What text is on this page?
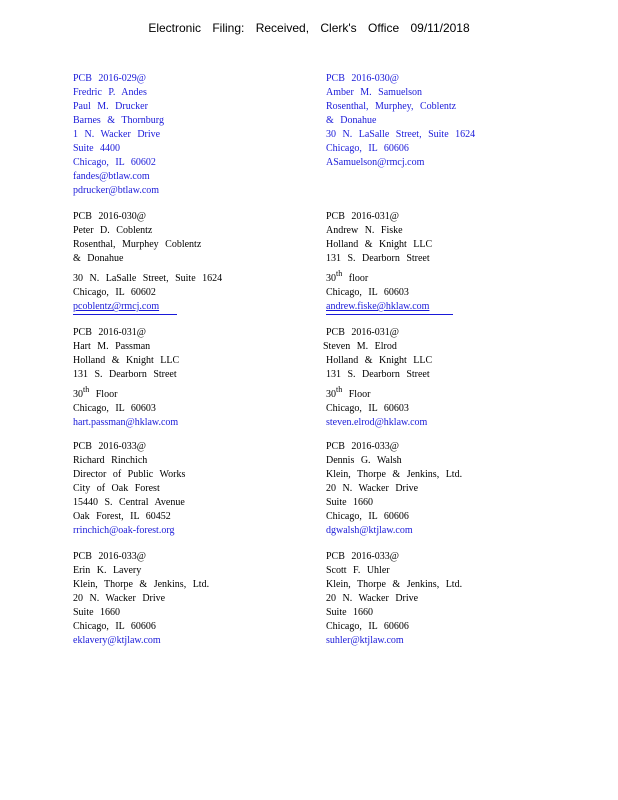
Electronic Filing: Received, Clerk's Office 09/11/2018
PCB 2016-029@
Fredric P. Andes
Paul M. Drucker
Barnes & Thornburg
1 N. Wacker Drive
Suite 4400
Chicago, IL 60602
fandes@btlaw.com
pdrucker@btlaw.com
PCB 2016-030@
Amber M. Samuelson
Rosenthal, Murphey, Coblentz
& Donahue
30 N. LaSalle Street, Suite 1624
Chicago, IL 60606
ASamuelson@rmcj.com
PCB 2016-030@
Peter D. Coblentz
Rosenthal, Murphey Coblentz
& Donahue
30 N. LaSalle Street, Suite 1624
Chicago, IL 60602
pcoblentz@rmcj.com
PCB 2016-031@
Andrew N. Fiske
Holland & Knight LLC
131 S. Dearborn Street
30th floor
Chicago, IL 60603
andrew.fiske@hklaw.com
PCB 2016-031@
Hart M. Passman
Holland & Knight LLC
131 S. Dearborn Street
30th Floor
Chicago, IL 60603
hart.passman@hklaw.com
PCB 2016-031@
Steven M. Elrod
Holland & Knight LLC
131 S. Dearborn Street
30th Floor
Chicago, IL 60603
steven.elrod@hklaw.com
PCB 2016-033@
Richard Rinchich
Director of Public Works
City of Oak Forest
15440 S. Central Avenue
Oak Forest, IL 60452
rrinchich@oak-forest.org
PCB 2016-033@
Dennis G. Walsh
Klein, Thorpe & Jenkins, Ltd.
20 N. Wacker Drive
Suite 1660
Chicago, IL 60606
dgwalsh@ktjlaw.com
PCB 2016-033@
Erin K. Lavery
Klein, Thorpe & Jenkins, Ltd.
20 N. Wacker Drive
Suite 1660
Chicago, IL 60606
eklavery@ktjlaw.com
PCB 2016-033@
Scott F. Uhler
Klein, Thorpe & Jenkins, Ltd.
20 N. Wacker Drive
Suite 1660
Chicago, IL 60606
suhler@ktjlaw.com
